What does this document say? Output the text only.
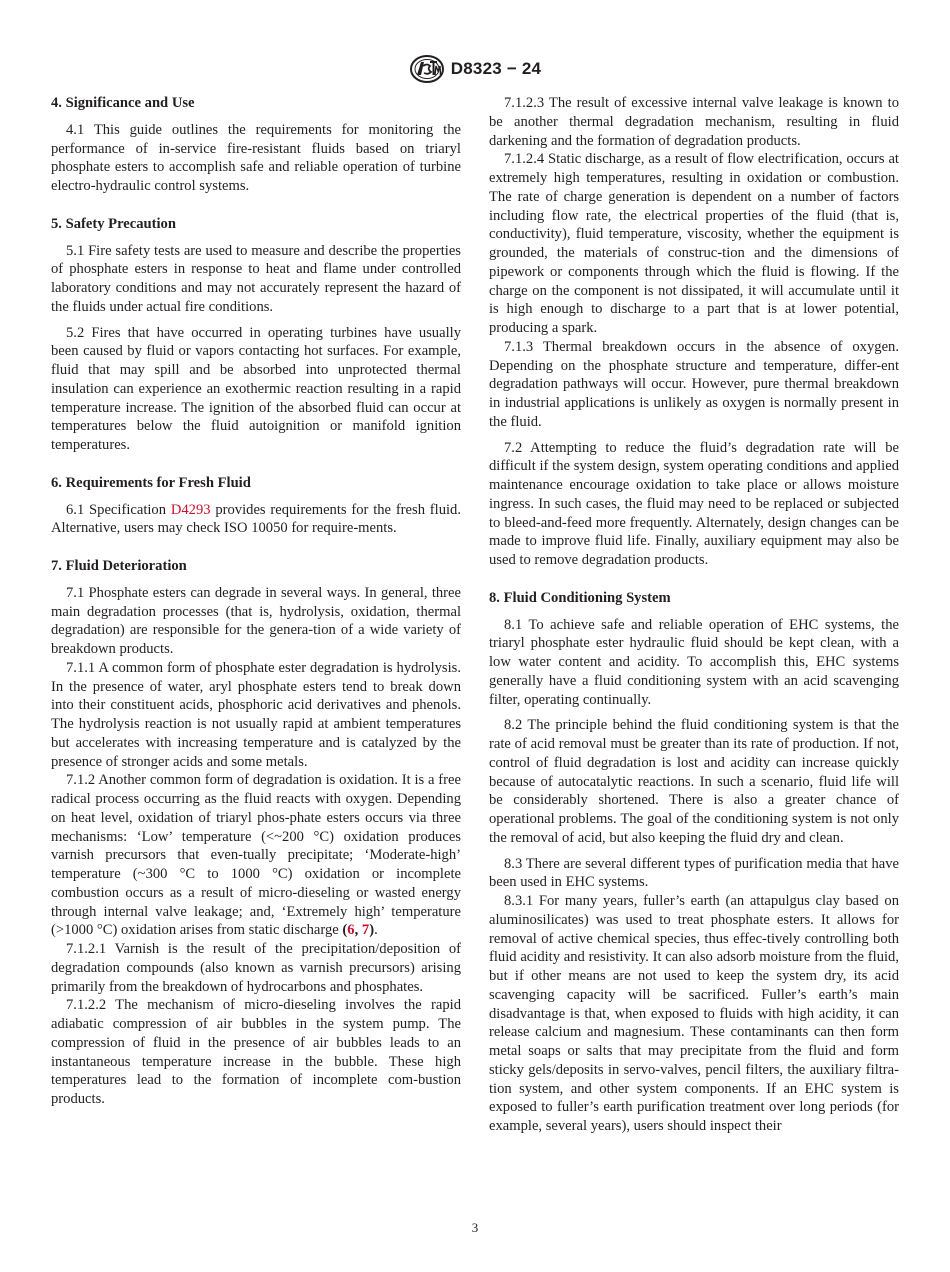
D8323 − 24
4. Significance and Use

4.1 This guide outlines the requirements for monitoring the performance of in-service fire-resistant fluids based on triaryl phosphate esters to accomplish safe and reliable operation of turbine electro-hydraulic control systems.

5. Safety Precaution

5.1 Fire safety tests are used to measure and describe the properties of phosphate esters in response to heat and flame under controlled laboratory conditions and may not accurately represent the hazard of the fluids under actual fire conditions.

5.2 Fires that have occurred in operating turbines have usually been caused by fluid or vapors contacting hot surfaces. For example, fluid that may spill and be absorbed into unprotected thermal insulation can experience an exothermic reaction resulting in a rapid temperature increase. The ignition of the absorbed fluid can occur at temperatures below the fluid autoignition or manifold ignition temperatures.

6. Requirements for Fresh Fluid

6.1 Specification D4293 provides requirements for the fresh fluid. Alternative, users may check ISO 10050 for require-ments.

7. Fluid Deterioration

7.1 Phosphate esters can degrade in several ways. In general, three main degradation processes (that is, hydrolysis, oxidation, thermal degradation) are responsible for the genera-tion of a wide variety of breakdown products.

7.1.1 A common form of phosphate ester degradation is hydrolysis. In the presence of water, aryl phosphate esters tend to break down into their constituent acids, phosphoric acid derivatives and phenols. The hydrolysis reaction is not usually rapid at ambient temperatures but accelerates with increasing temperature and is catalyzed by the presence of stronger acids and some metals.

7.1.2 Another common form of degradation is oxidation. It is a free radical process occurring as the fluid reacts with oxygen. Depending on heat level, oxidation of triaryl phos-phate esters occurs via three mechanisms: ‘Low’ temperature (<~200 °C) oxidation produces varnish precursors that even-tually precipitate; ‘Moderate-high’ temperature (~300 °C to 1000 °C) oxidation or incomplete combustion occurs as a result of micro-dieseling or wasted energy through internal valve leakage; and, ‘Extremely high’ temperature (>1000 °C) oxidation arises from static discharge (6, 7).

7.1.2.1 Varnish is the result of the precipitation/deposition of degradation compounds (also known as varnish precursors) arising primarily from the breakdown of hydrocarbons and phosphates.

7.1.2.2 The mechanism of micro-dieseling involves the rapid adiabatic compression of air bubbles in the system pump. The compression of fluid in the presence of air bubbles leads to an instantaneous temperature increase in the bubble. These high temperatures lead to the formation of incomplete com-bustion products.

7.1.2.3 The result of excessive internal valve leakage is known to be another thermal degradation mechanism, resulting in fluid darkening and the formation of degradation products.

7.1.2.4 Static discharge, as a result of flow electrification, occurs at extremely high temperatures, resulting in oxidation or combustion. The rate of charge generation is dependent on a number of factors including flow rate, the electrical properties of the fluid (that is, conductivity), fluid temperature, viscosity, whether the equipment is grounded, the materials of construc-tion and the dimensions of pipework or components through which the fluid is flowing. If the charge on the component is not dissipated, it will accumulate until it is high enough to discharge to a part that is at lower potential, producing a spark.

7.1.3 Thermal breakdown occurs in the absence of oxygen. Depending on the phosphate structure and temperature, differ-ent degradation pathways will occur. However, pure thermal breakdown in industrial applications is unlikely as oxygen is normally present in the fluid.

7.2 Attempting to reduce the fluid’s degradation rate will be difficult if the system design, system operating conditions and applied maintenance encourage oxidation to take place or allows moisture ingress. In such cases, the fluid may need to be replaced or subjected to bleed-and-feed more frequently. Alternately, design changes can be made to improve fluid life. Finally, auxiliary equipment may also be used to remove degradation products.

8. Fluid Conditioning System

8.1 To achieve safe and reliable operation of EHC systems, the triaryl phosphate ester hydraulic fluid should be kept clean, with a low water content and acidity. To accomplish this, EHC systems generally have a fluid conditioning system with an acid scavenging filter, operating continually.

8.2 The principle behind the fluid conditioning system is that the rate of acid removal must be greater than its rate of production. If not, control of fluid degradation is lost and acidity can increase quickly because of autocatalytic reactions. In such a scenario, fluid life will be considerably shortened. There is also a greater chance of operational problems. The goal of the conditioning system is not only the removal of acid, but also keeping the fluid dry and clean.

8.3 There are several different types of purification media that have been used in EHC systems.

8.3.1 For many years, fuller’s earth (an attapulgus clay based on aluminosilicates) was used to treat phosphate esters. It allows for removal of active chemical species, thus effec-tively controlling both fluid acidity and resistivity. It can also adsorb moisture from the fluid, but if other means are not used to keep the system dry, its acid scavenging capacity will be sacrificed. Fuller’s earth’s main disadvantage is that, when exposed to fluids with high acidity, it can release calcium and magnesium. These contaminants can then form metal soaps or salts that may precipitate from the fluid and form sticky gels/deposits in servo-valves, pencil filters, the auxiliary filtra-tion system, and other system components. If an EHC system is exposed to fuller’s earth purification treatment over long periods (for example, several years), users should inspect their

3
